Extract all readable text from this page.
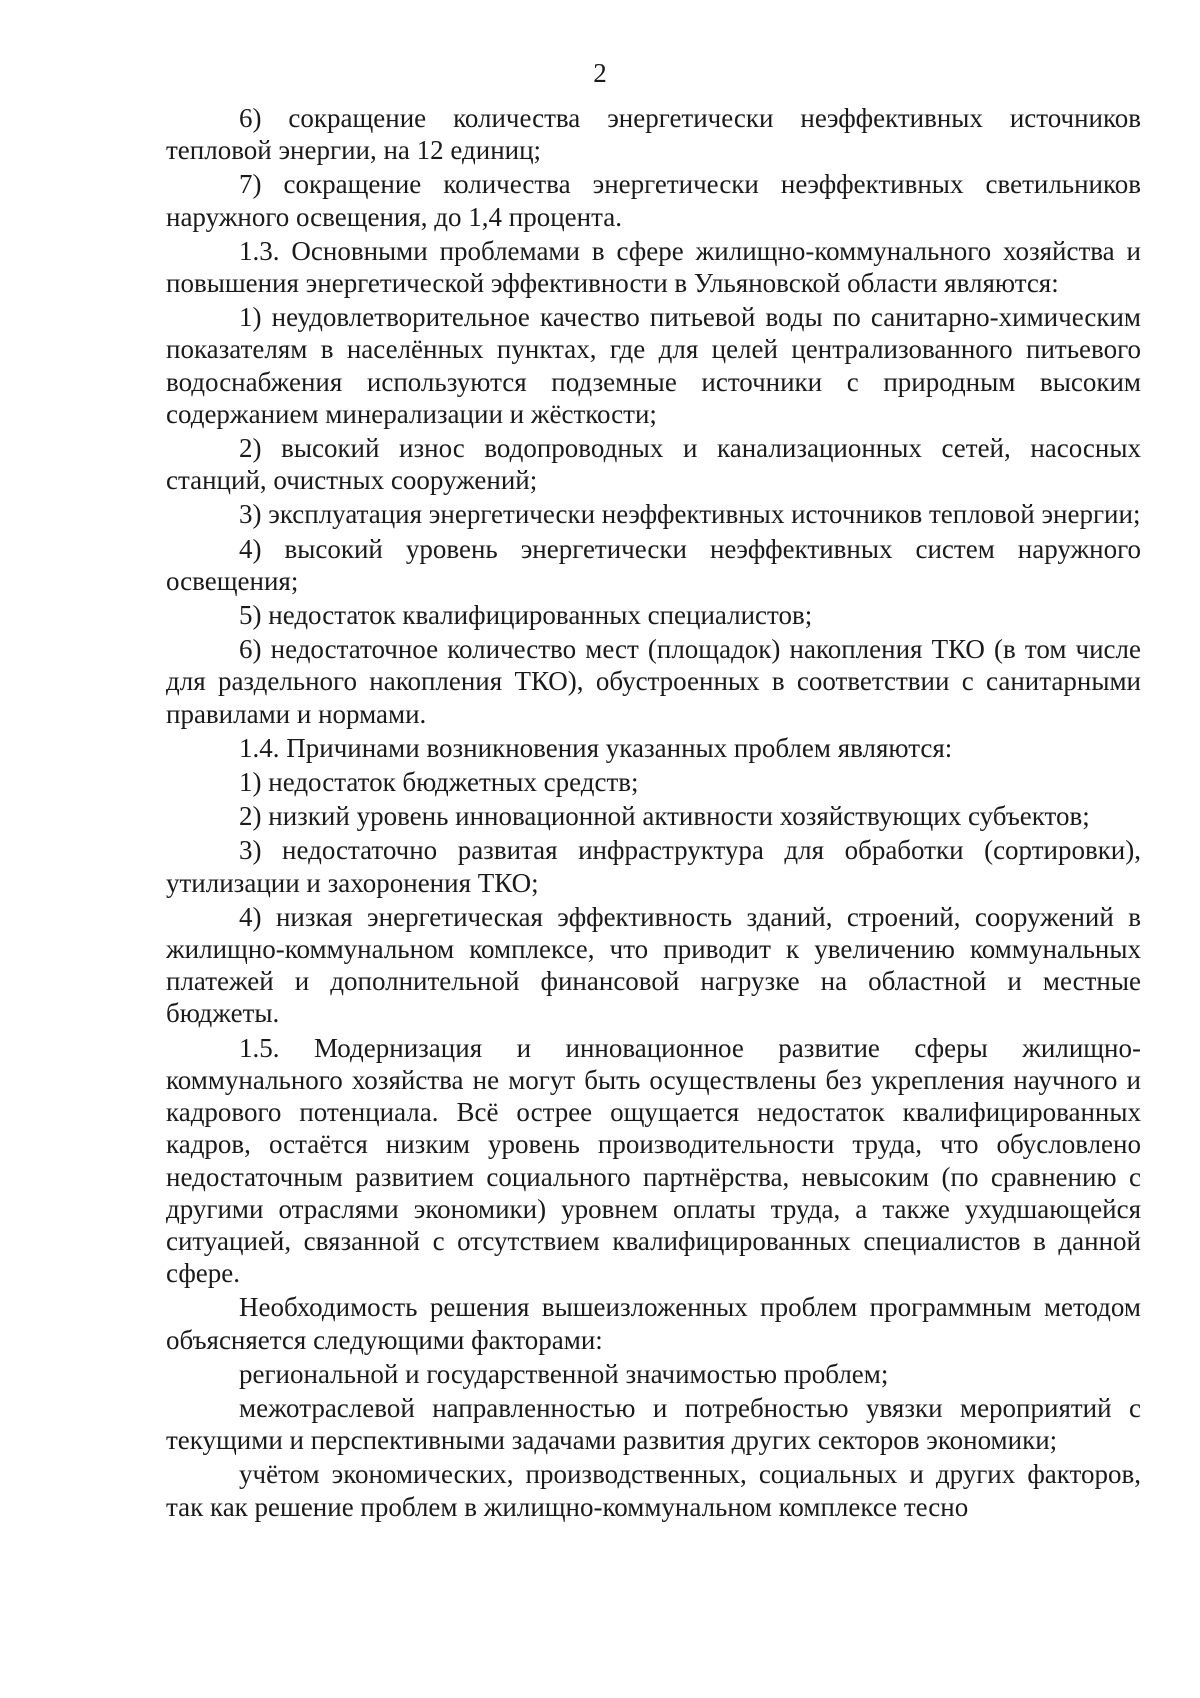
2

6) сокращение количества энергетически неэффективных источников тепловой энергии, на 12 единиц;

7) сокращение количества энергетически неэффективных светильников наружного освещения, до 1,4 процента.

1.3. Основными проблемами в сфере жилищно-коммунального хозяйства и повышения энергетической эффективности в Ульяновской области являются:

1) неудовлетворительное качество питьевой воды по санитарно-химическим показателям в населённых пунктах, где для целей централизованного питьевого водоснабжения используются подземные источники с природным высоким содержанием минерализации и жёсткости;

2) высокий износ водопроводных и канализационных сетей, насосных станций, очистных сооружений;

3) эксплуатация энергетически неэффективных источников тепловой энергии;

4) высокий уровень энергетически неэффективных систем наружного освещения;

5) недостаток квалифицированных специалистов;

6) недостаточное количество мест (площадок) накопления ТКО (в том числе для раздельного накопления ТКО), обустроенных в соответствии с санитарными правилами и нормами.

1.4. Причинами возникновения указанных проблем являются:

1) недостаток бюджетных средств;

2) низкий уровень инновационной активности хозяйствующих субъектов;

3) недостаточно развитая инфраструктура для обработки (сортировки), утилизации и захоронения ТКО;

4) низкая энергетическая эффективность зданий, строений, сооружений в жилищно-коммунальном комплексе, что приводит к увеличению коммунальных платежей и дополнительной финансовой нагрузке на областной и местные бюджеты.

1.5. Модернизация и инновационное развитие сферы жилищно-коммунального хозяйства не могут быть осуществлены без укрепления научного и кадрового потенциала. Всё острее ощущается недостаток квалифицированных кадров, остаётся низким уровень производительности труда, что обусловлено недостаточным развитием социального партнёрства, невысоким (по сравнению с другими отраслями экономики) уровнем оплаты труда, а также ухудшающейся ситуацией, связанной с отсутствием квалифицированных специалистов в данной сфере.

Необходимость решения вышеизложенных проблем программным методом объясняется следующими факторами:

региональной и государственной значимостью проблем;

межотраслевой направленностью и потребностью увязки мероприятий с текущими и перспективными задачами развития других секторов экономики;

учётом экономических, производственных, социальных и других факторов, так как решение проблем в жилищно-коммунальном комплексе тесно
